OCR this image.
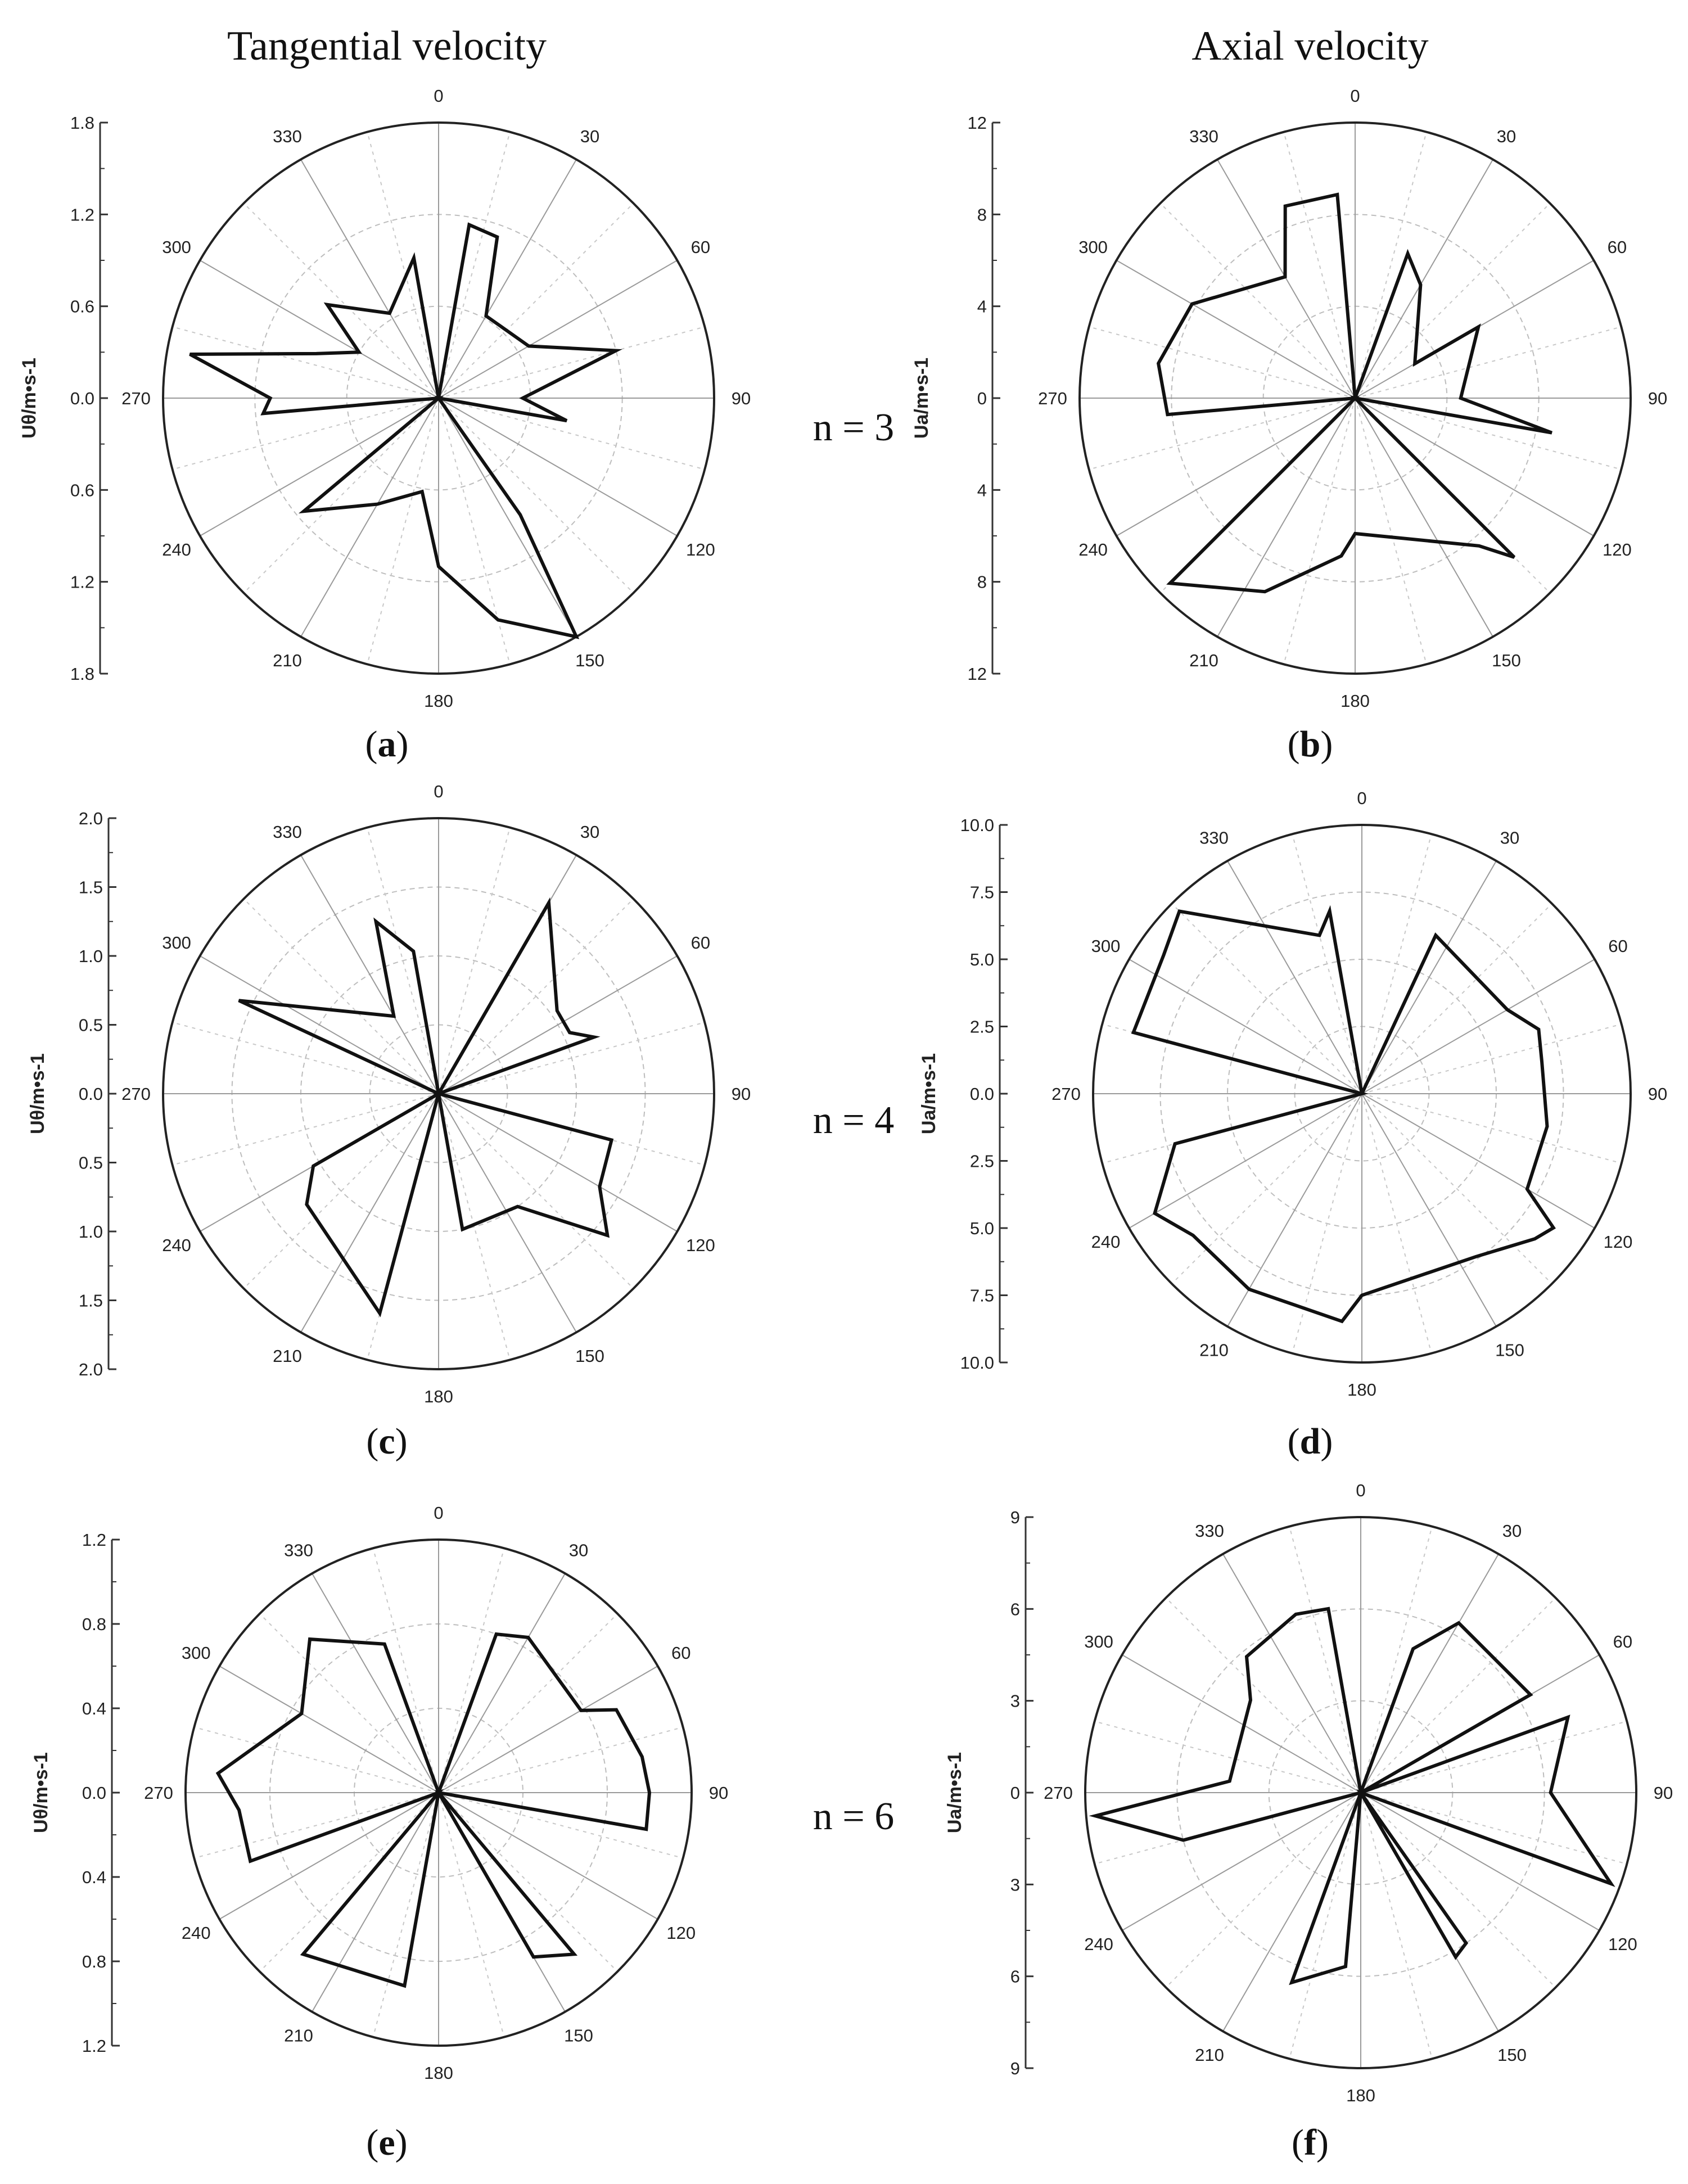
Tangential velocity	Axial velocity
n = 3
n = 4
n = 6
0
30
60
90
120
150
180
210
240
270
300
330
1.8
1.2
0.6
0.0
0.6
1.2
1.8
Uθ/m•s-1
(a)
0
30
60
90
120
150
180
210
240
270
300
330
12
8
4
0
4
8
12
Ua/m•s-1
(b)
0
30
60
90
120
150
180
210
240
270
300
330
2.0
1.5
1.0
0.5
0.0
0.5
1.0
1.5
2.0
Uθ/m•s-1
(c)
0
30
60
90
120
150
180
210
240
270
300
330
10.0
7.5
5.0
2.5
0.0
2.5
5.0
7.5
10.0
Ua/m•s-1
(d)
0
30
60
90
120
150
180
210
240
270
300
330
1.2
0.8
0.4
0.0
0.4
0.8
1.2
Uθ/m•s-1
(e)
0
30
60
90
120
150
180
210
240
270
300
330
9
6
3
0
3
6
9
Ua/m•s-1
(f)
